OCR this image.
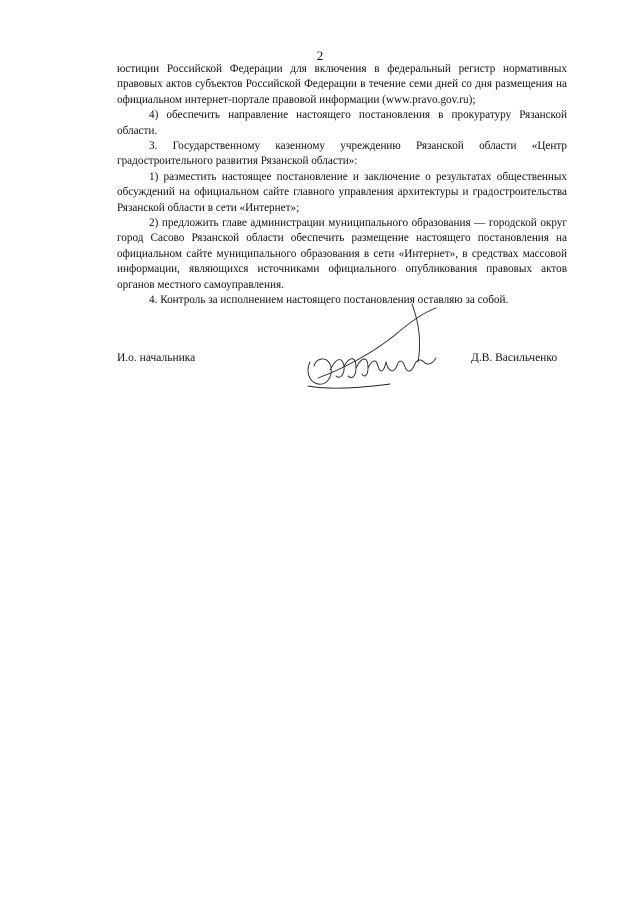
2

юстиции Российской Федерации для включения в федеральный регистр нормативных правовых актов субъектов Российской Федерации в течение семи дней со дня размещения на официальном интернет-портале правовой информации (www.pravo.gov.ru);

4) обеспечить направление настоящего постановления в прокуратуру Рязанской области.

3. Государственному казенному учреждению Рязанской области «Центр градостроительного развития Рязанской области»:

1) разместить настоящее постановление и заключение о результатах общественных обсуждений на официальном сайте главного управления архитектуры и градостроительства Рязанской области в сети «Интернет»;

2) предложить главе администрации муниципального образования — городской округ город Сасово Рязанской области обеспечить размещение настоящего постановления на официальном сайте муниципального образования в сети «Интернет», в средствах массовой информации, являющихся источниками официального опубликования правовых актов органов местного самоуправления.

4. Контроль за исполнением настоящего постановления оставляю за собой.

И.о. начальника	Д.В. Васильченко
